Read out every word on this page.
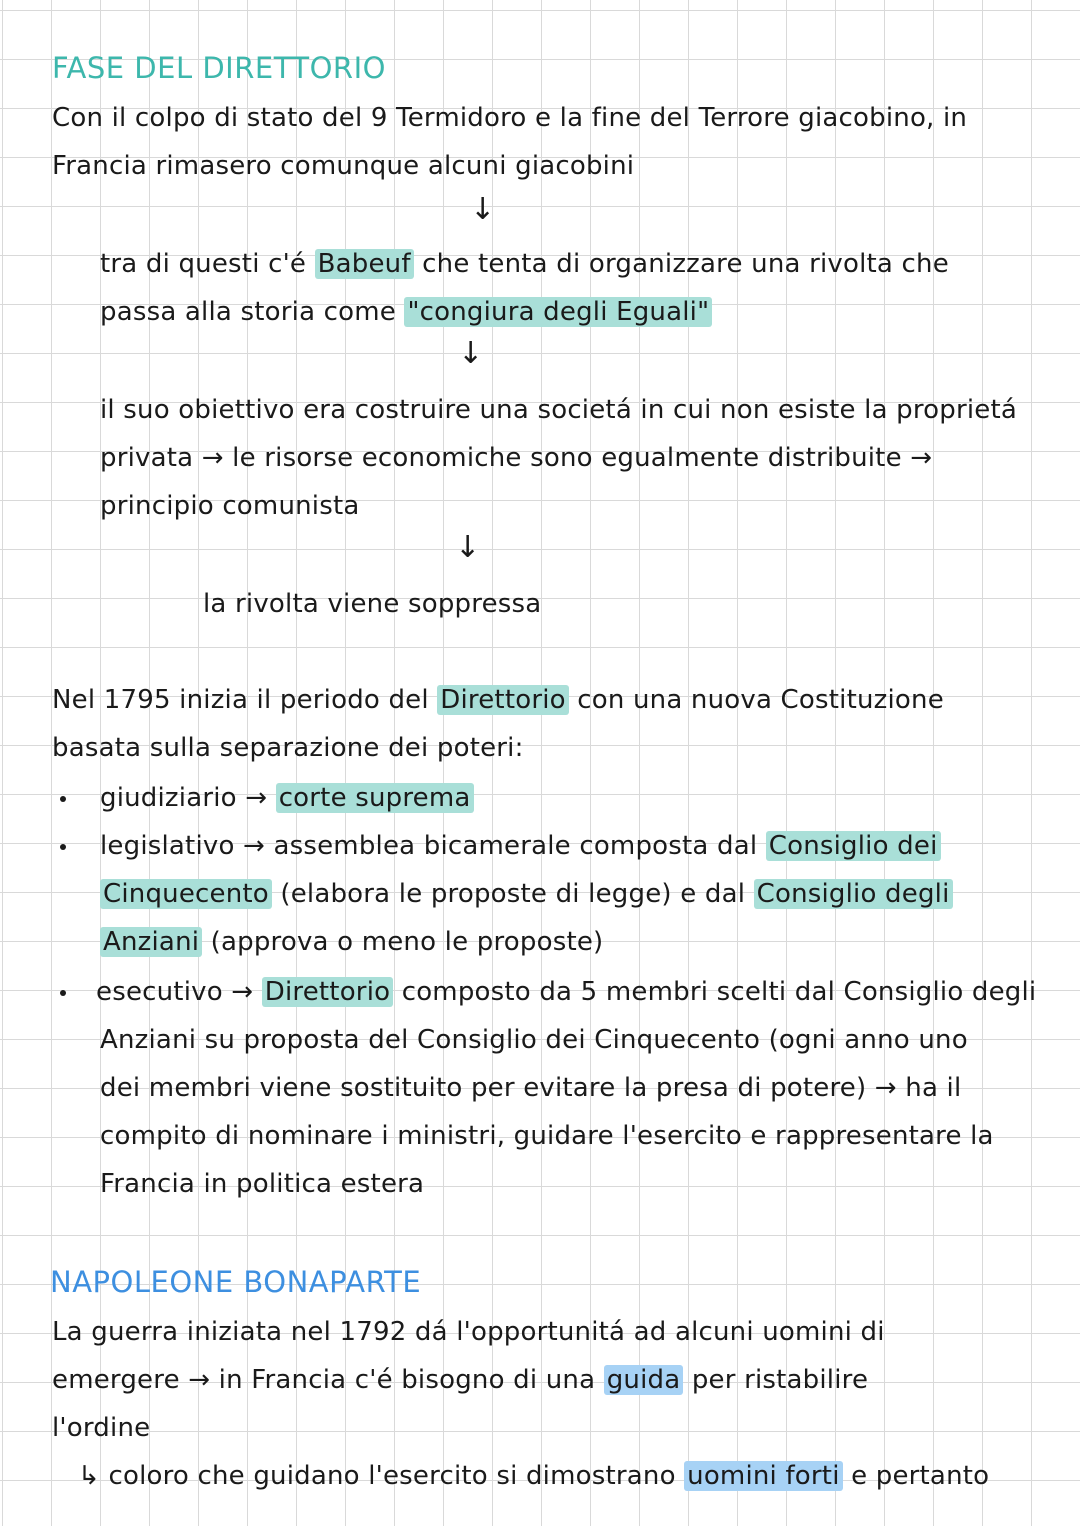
FASE DEL DIRETTORIO
Con il colpo di stato del 9 Termidoro e la fine del Terrore giacobino, in
Francia rimasero comunque alcuni giacobini
↓
tra di questi c'é Babeuf che tenta di organizzare una rivolta che
passa alla storia come "congiura degli Eguali"
↓
il suo obiettivo era costruire una societá in cui non esiste la proprietá
privata → le risorse economiche sono egualmente distribuite →
principio comunista
↓
la rivolta viene soppressa
Nel 1795 inizia il periodo del Direttorio con una nuova Costituzione
basata sulla separazione dei poteri:
giudiziario → corte suprema
legislativo → assemblea bicamerale composta dal Consiglio dei
Cinquecento (elabora le proposte di legge) e dal Consiglio degli
Anziani (approva o meno le proposte)
esecutivo → Direttorio composto da 5 membri scelti dal Consiglio degli
Anziani su proposta del Consiglio dei Cinquecento (ogni anno uno
dei membri viene sostituito per evitare la presa di potere) → ha il
compito di nominare i ministri, guidare l'esercito e rappresentare la
Francia in politica estera
NAPOLEONE BONAPARTE
La guerra iniziata nel 1792 dá l'opportunitá ad alcuni uomini di
emergere → in Francia c'é bisogno di una guida per ristabilire
l'ordine
↳ coloro che guidano l'esercito si dimostrano uomini forti e pertanto
